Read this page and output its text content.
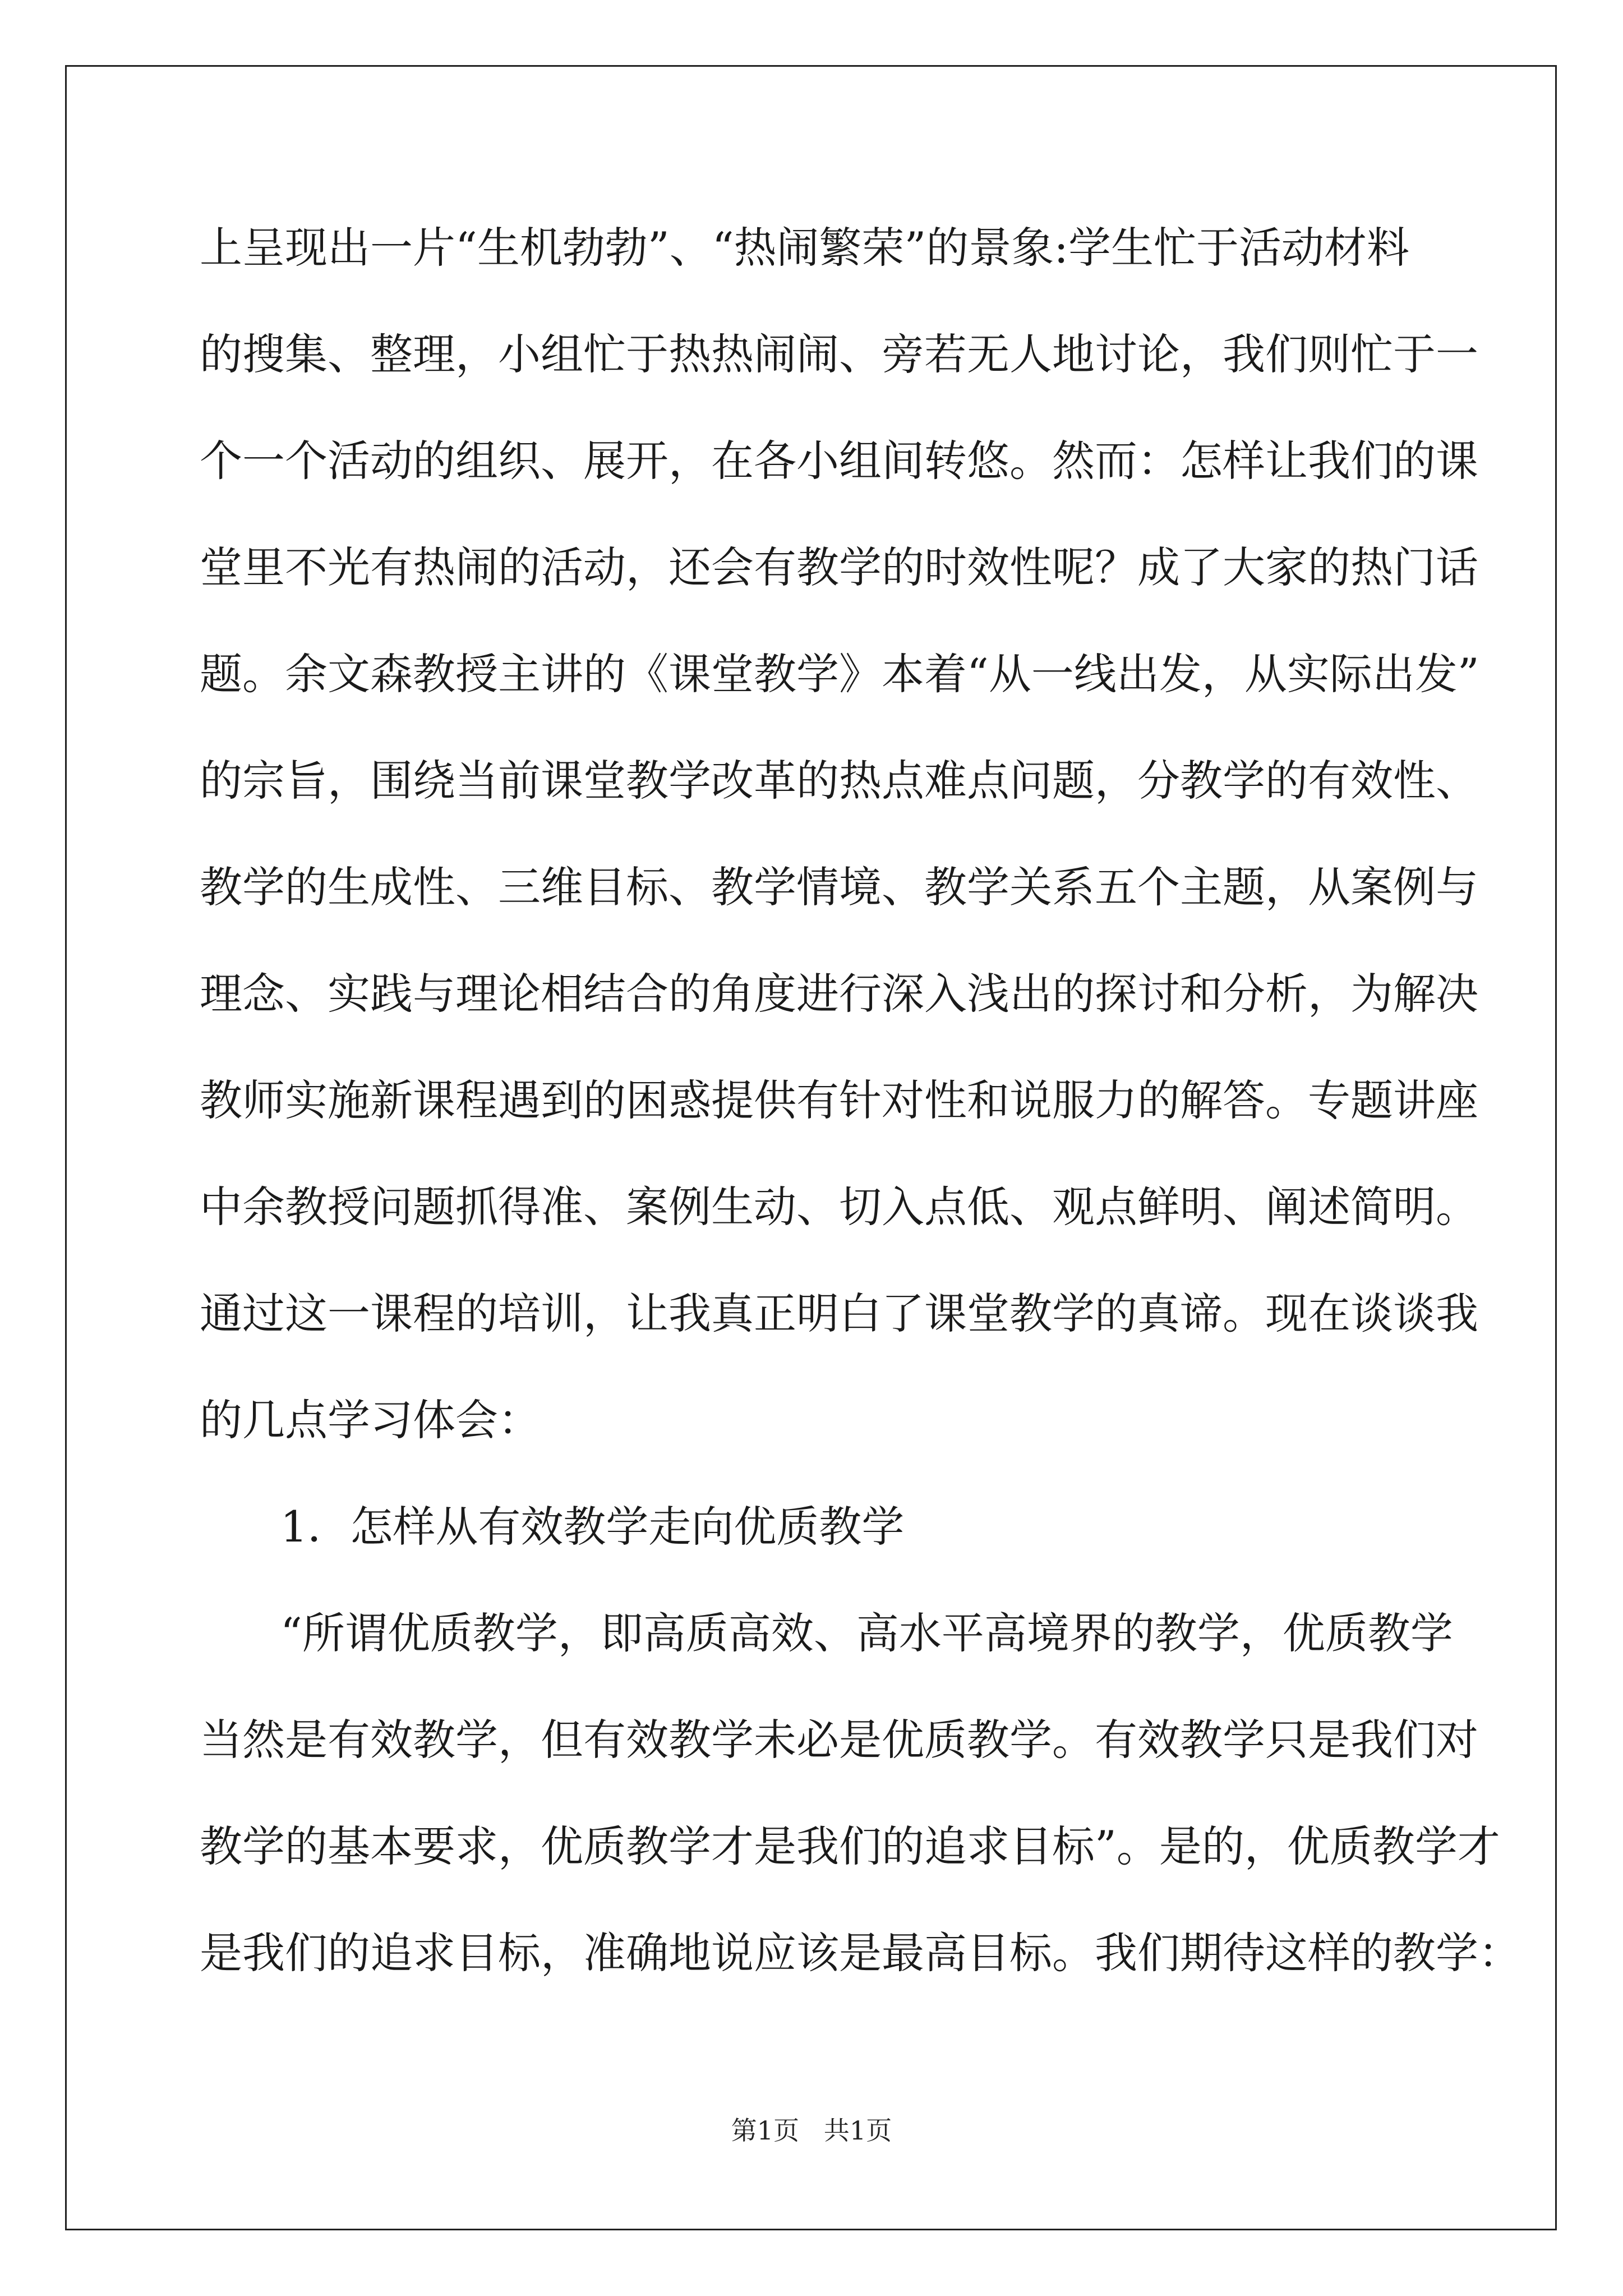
上呈现出一片“生机勃勃”、“热闹繁荣”的景象:学生忙于活动材料
的搜集、整理，小组忙于热热闹闹、旁若无人地讨论，我们则忙于一
个一个活动的组织、展开，在各小组间转悠。然而：怎样让我们的课
堂里不光有热闹的活动，还会有教学的时效性呢？成了大家的热门话
题。余文森教授主讲的《课堂教学》本着“从一线出发，从实际出发”
的宗旨，围绕当前课堂教学改革的热点难点问题，分教学的有效性、
教学的生成性、三维目标、教学情境、教学关系五个主题，从案例与
理念、实践与理论相结合的角度进行深入浅出的探讨和分析，为解决
教师实施新课程遇到的困惑提供有针对性和说服力的解答。专题讲座
中余教授问题抓得准、案例生动、切入点低、观点鲜明、阐述简明。
通过这一课程的培训，让我真正明白了课堂教学的真谛。现在谈谈我
的几点学习体会：
1．怎样从有效教学走向优质教学
“所谓优质教学，即高质高效、高水平高境界的教学，优质教学
当然是有效教学，但有效教学未必是优质教学。有效教学只是我们对
教学的基本要求，优质教学才是我们的追求目标”。是的，优质教学才
是我们的追求目标，准确地说应该是最高目标。我们期待这样的教学：
第1页   共1页
